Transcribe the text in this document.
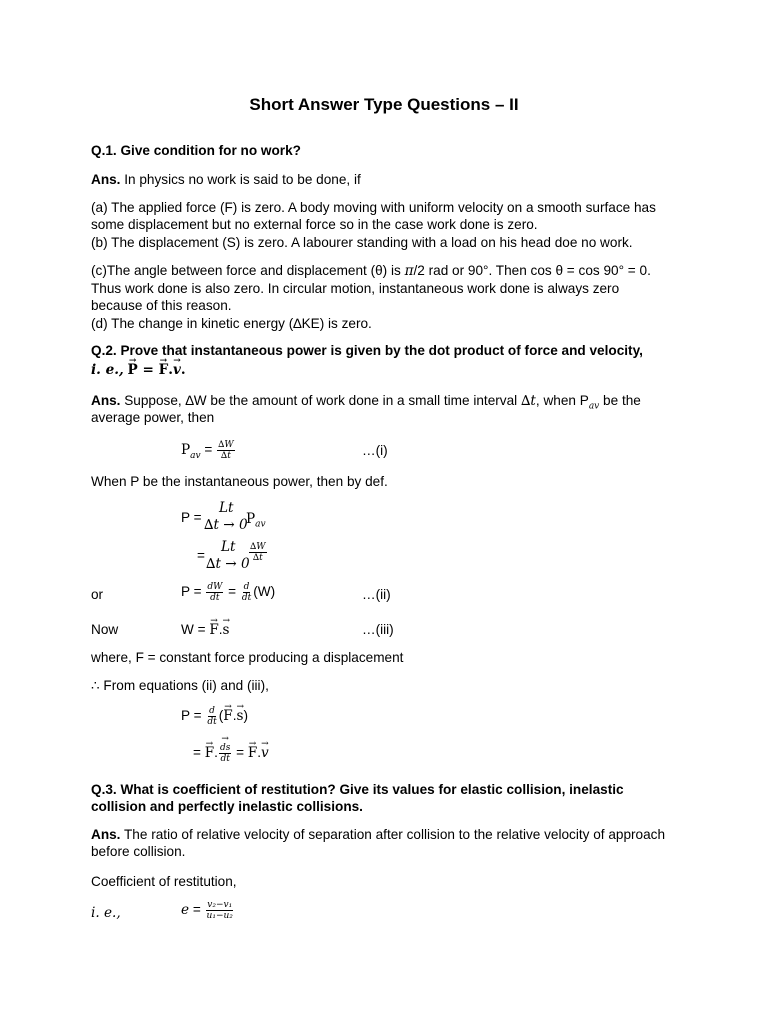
Short Answer Type Questions – II
Q.1. Give condition for no work?
Ans. In physics no work is said to be done, if
(a) The applied force (F) is zero. A body moving with uniform velocity on a smooth surface has
some displacement but no external force so in the case work done is zero.
(b) The displacement (S) is zero. A labourer standing with a load on his head doe no work.
(c)The angle between force and displacement (θ) is π/2 rad or 90°. Then cos θ = cos 90° = 0.
Thus work done is also zero. In circular motion, instantaneous work done is always zero
because of this reason.
(d) The change in kinetic energy (∆KE) is zero.
Q.2. Prove that instantaneous power is given by the dot product of force and velocity,
i. e., → P = → F.→ v.
Ans. Suppose, ∆W be the amount of work done in a small time interval ∆t, when $P_{av}$ be the
average power, then
$P_{av} = \frac{\Delta W}{\Delta t}$	…(i)
When P be the instantaneous power, then by def.
P =
Lt
∆t → 0
$P_{av}$
=
Lt
∆t → 0
$\frac{\Delta W}{\Delta t}$
or	$P = \frac{dW}{dt} = \frac{d}{dt} (W)$	…(ii)
Now	W = → F.→ s	…(iii)
where, F = constant force producing a displacement
∴ From equations (ii) and (iii),
$P = \frac{d}{dt}$ (→ F.→ s)
= → F. → $\frac{ds}{dt}$ = → F.→ v
Q.3. What is coefficient of restitution? Give its values for elastic collision, inelastic
collision and perfectly inelastic collisions.
Ans. The ratio of relative velocity of separation after collision to the relative velocity of approach
before collision.
Coefficient of restitution,
i. e.,	$e = \frac{\text{v₂−v₁}}{\text{u₁−u₂}}$
